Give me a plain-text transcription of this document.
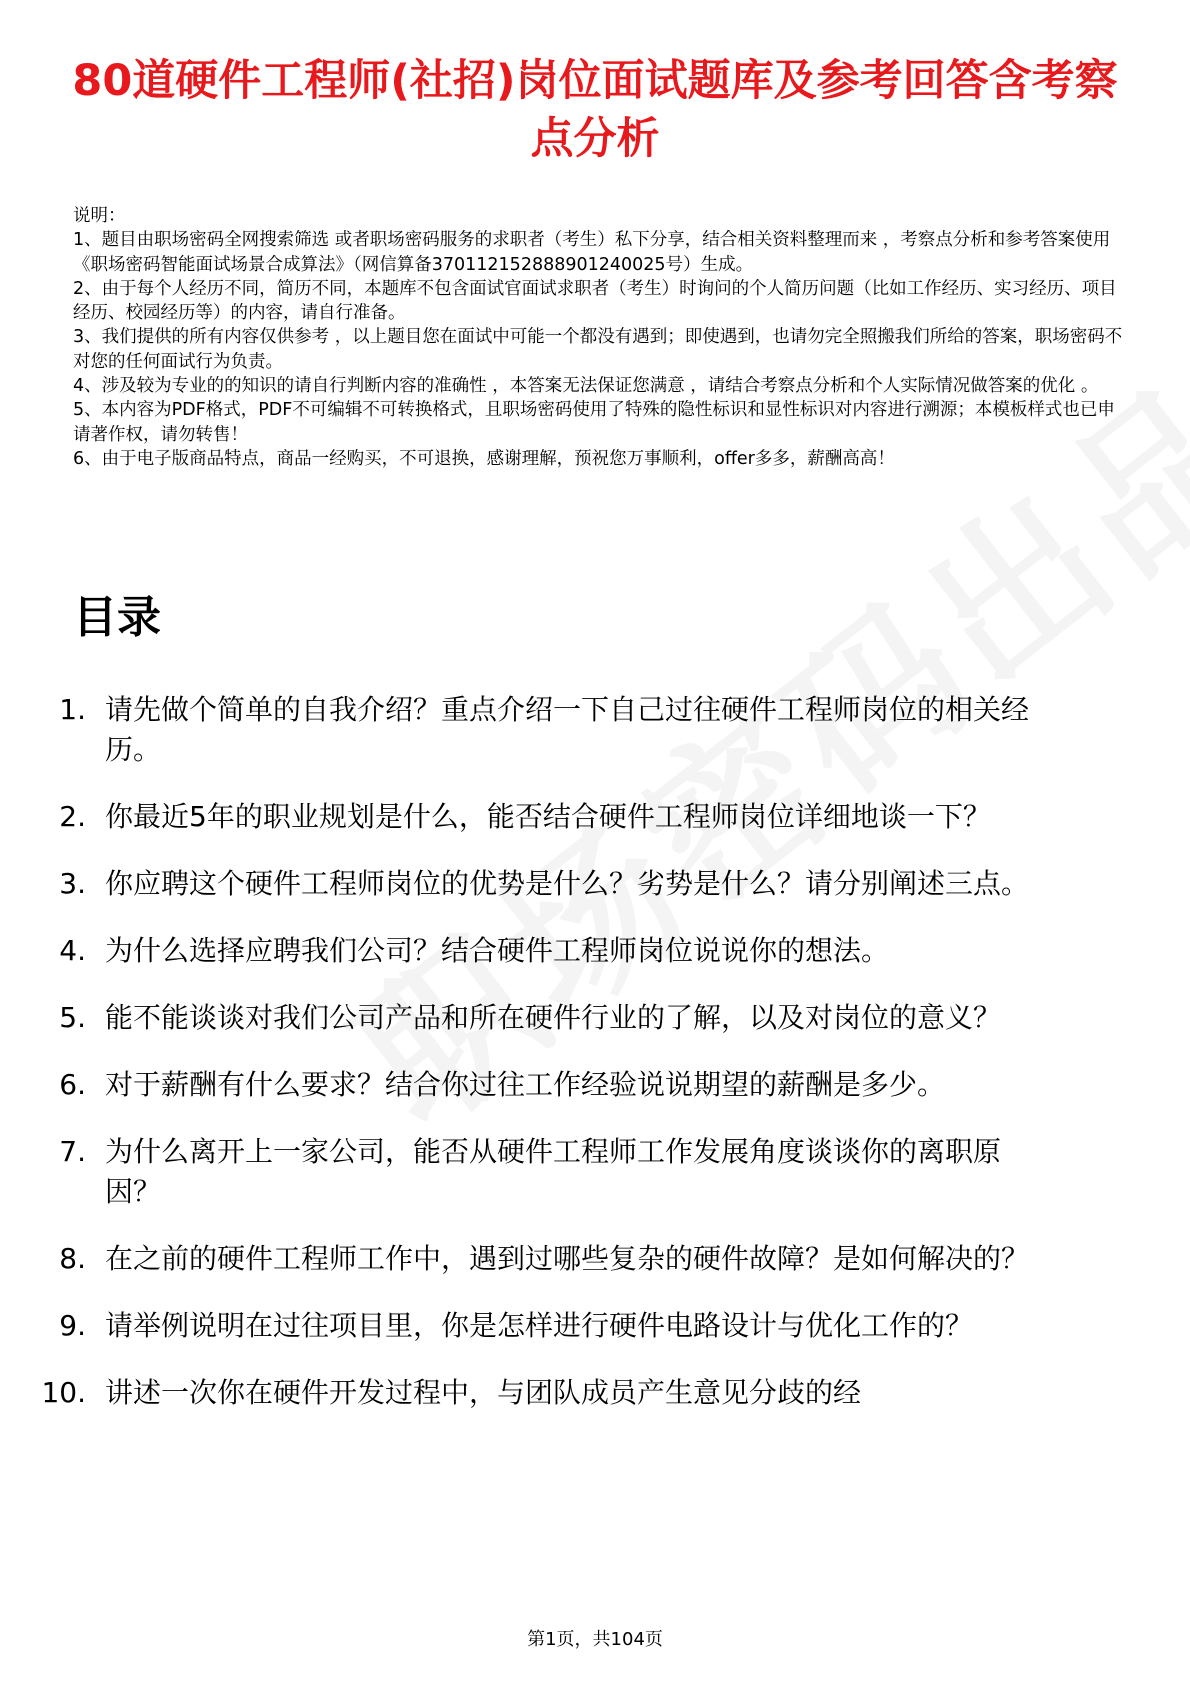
80道硬件工程师(社招)岗位面试题库及参考回答含考察点分析

说明：

1、题目由职场密码全网搜索筛选 或者职场密码服务的求职者（考生）私下分享，结合相关资料整理而来 ，考察点分析和参考答案使用《职场密码智能面试场景合成算法》（网信算备370112152888901240025号）生成。

2、由于每个人经历不同，简历不同，本题库不包含面试官面试求职者（考生）时询问的个人简历问题（比如工作经历、实习经历、项目经历、校园经历等）的内容，请自行准备。

3、我们提供的所有内容仅供参考 ，以上题目您在面试中可能一个都没有遇到；即使遇到，也请勿完全照搬我们所给的答案，职场密码不对您的任何面试行为负责。

4、涉及较为专业的的知识的请自行判断内容的准确性 ，本答案无法保证您满意 ，请结合考察点分析和个人实际情况做答案的优化 。

5、本内容为PDF格式，PDF不可编辑不可转换格式，且职场密码使用了特殊的隐性标识和显性标识对内容进行溯源；本模板样式也已申请著作权，请勿转售！

6、由于电子版商品特点，商品一经购买，不可退换，感谢理解，预祝您万事顺利，offer多多，薪酬高高！

目录
1. 请先做个简单的自我介绍？重点介绍一下自己过往硬件工程师岗位的相关经历。
2. 你最近5年的职业规划是什么，能否结合硬件工程师岗位详细地谈一下？
3. 你应聘这个硬件工程师岗位的优势是什么？劣势是什么？请分别阐述三点。
4. 为什么选择应聘我们公司？结合硬件工程师岗位说说你的想法。
5. 能不能谈谈对我们公司产品和所在硬件行业的了解，以及对岗位的意义？
6. 对于薪酬有什么要求？结合你过往工作经验说说期望的薪酬是多少。
7. 为什么离开上一家公司，能否从硬件工程师工作发展角度谈谈你的离职原因？
8. 在之前的硬件工程师工作中，遇到过哪些复杂的硬件故障？是如何解决的？
9. 请举例说明在过往项目里，你是怎样进行硬件电路设计与优化工作的？
10. 讲述一次你在硬件开发过程中，与团队成员产生意见分歧的经
第1页，共104页
